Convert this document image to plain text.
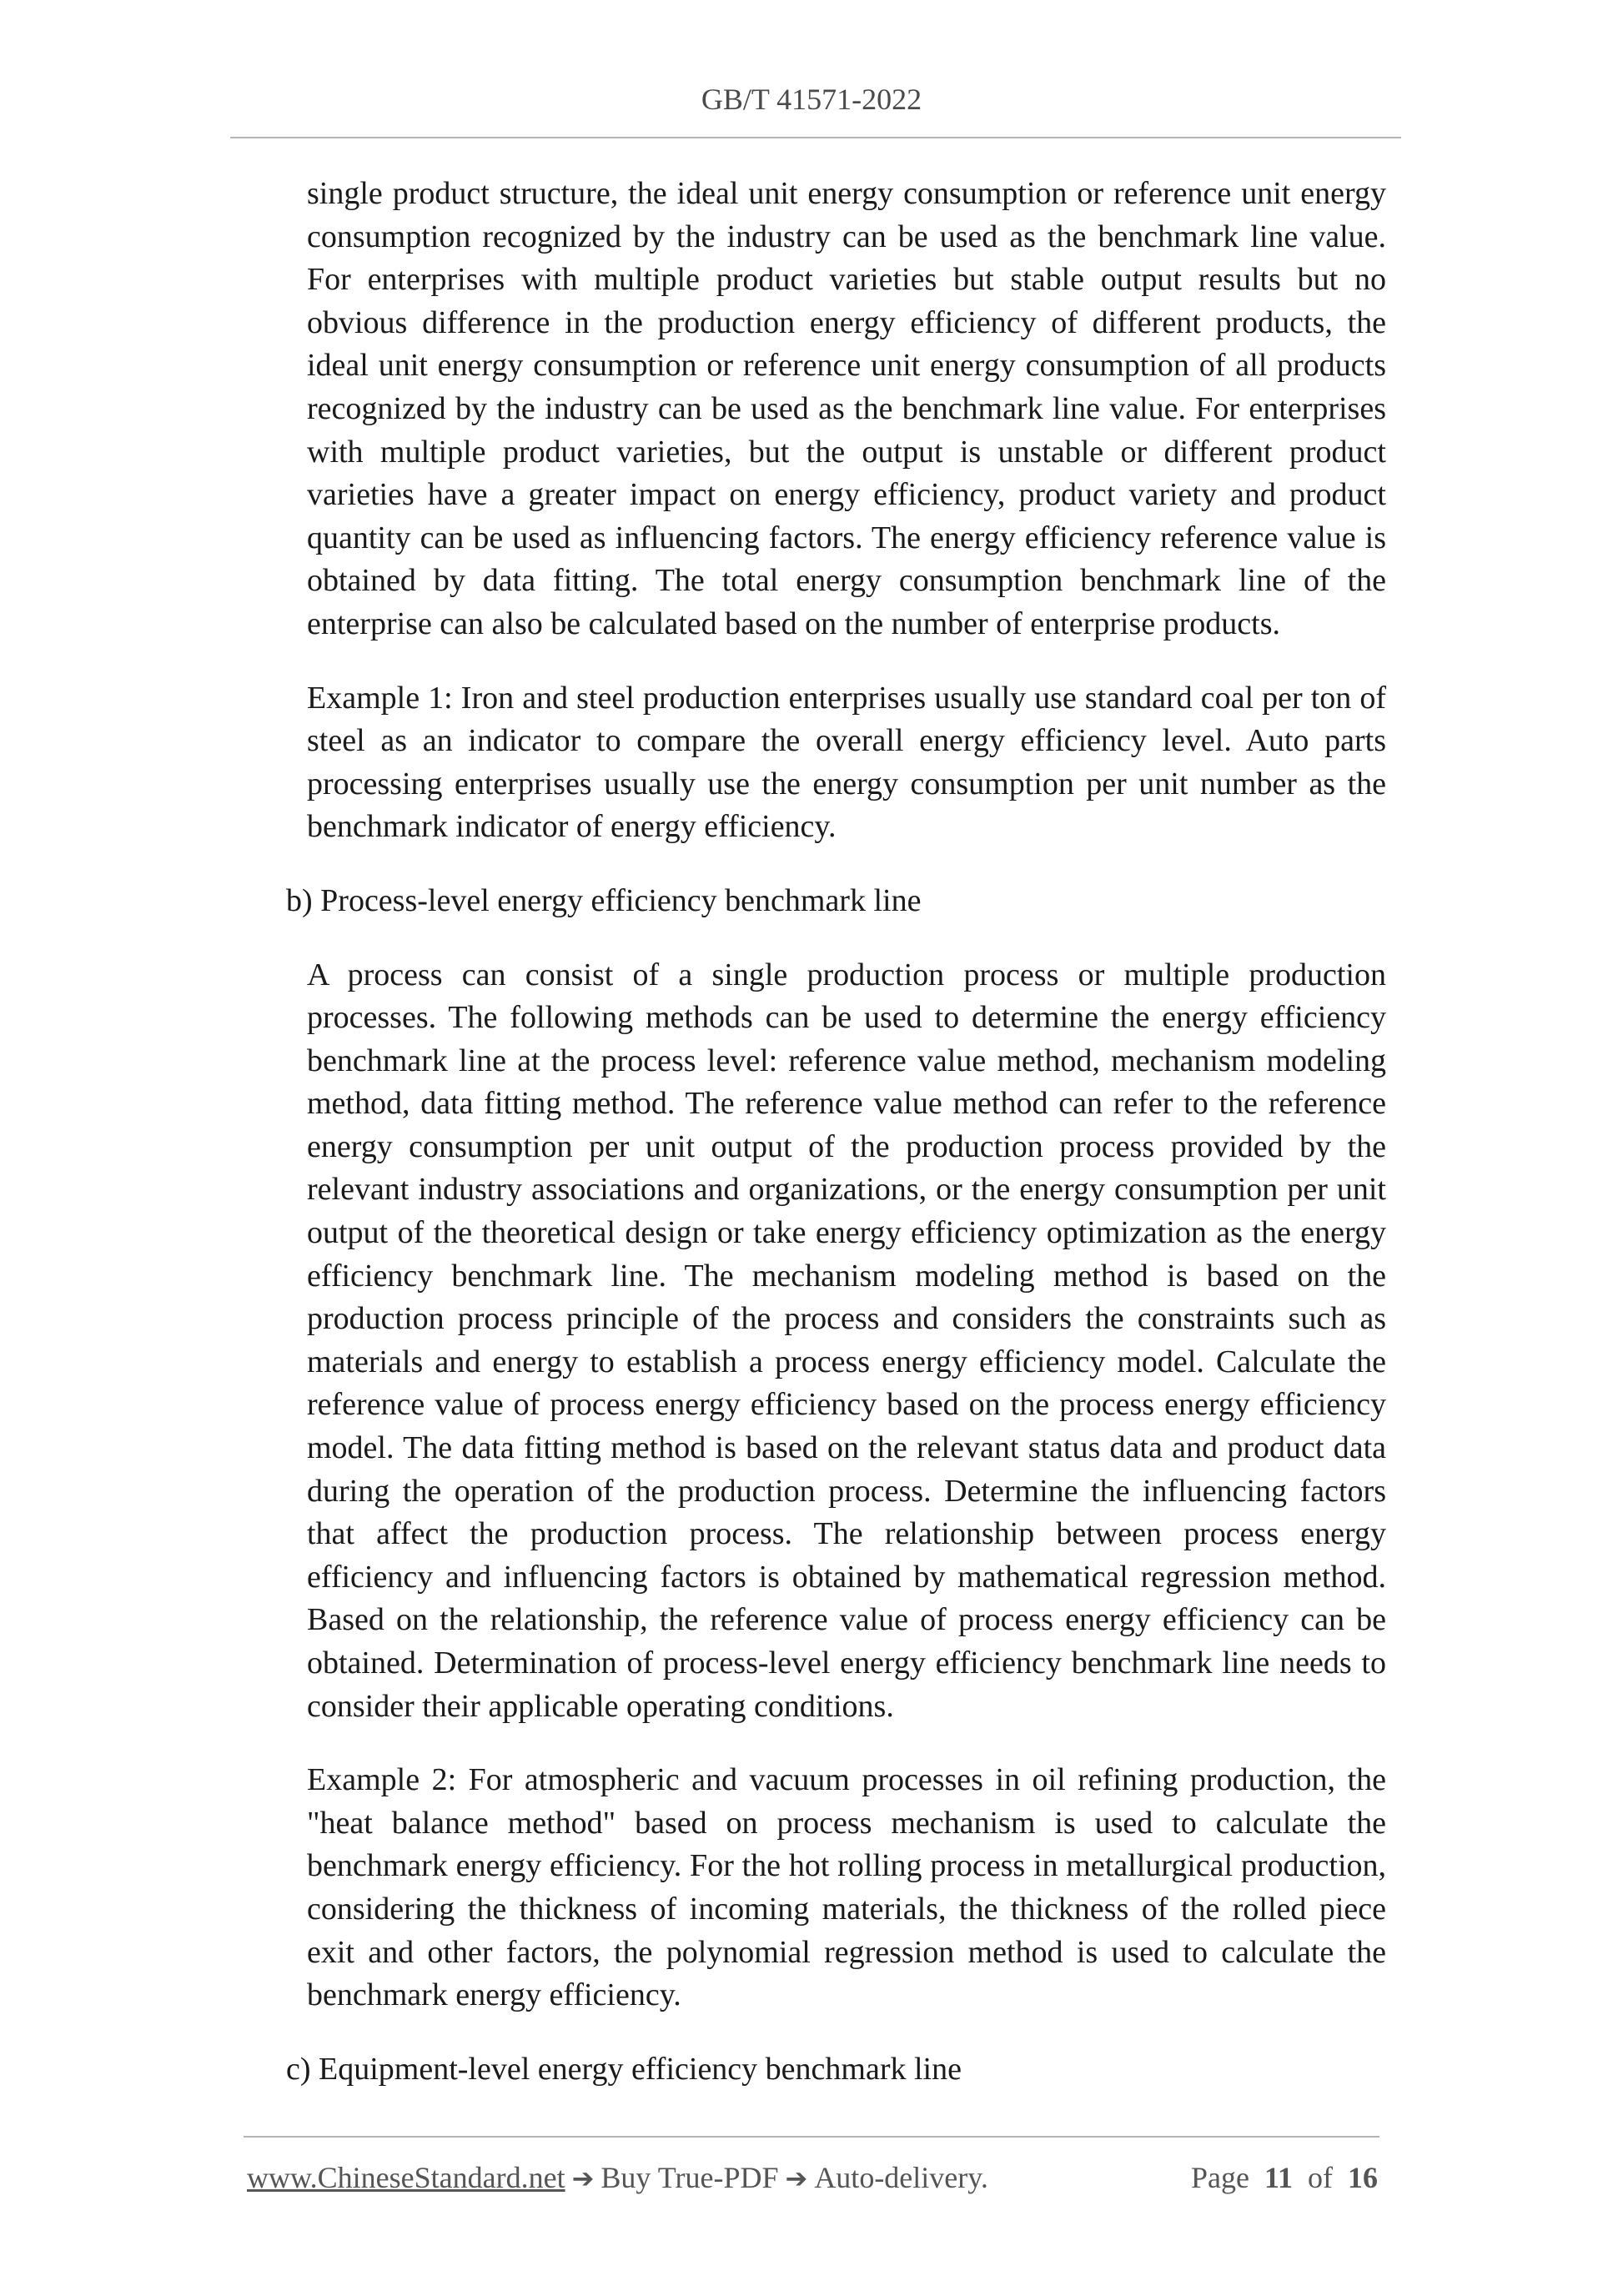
GB/T 41571-2022

single product structure, the ideal unit energy consumption or reference unit energy consumption recognized by the industry can be used as the benchmark line value. For enterprises with multiple product varieties but stable output results but no obvious difference in the production energy efficiency of different products, the ideal unit energy consumption or reference unit energy consumption of all products recognized by the industry can be used as the benchmark line value. For enterprises with multiple product varieties, but the output is unstable or different product varieties have a greater impact on energy efficiency, product variety and product quantity can be used as influencing factors. The energy efficiency reference value is obtained by data fitting. The total energy consumption benchmark line of the enterprise can also be calculated based on the number of enterprise products.

Example 1: Iron and steel production enterprises usually use standard coal per ton of steel as an indicator to compare the overall energy efficiency level. Auto parts processing enterprises usually use the energy consumption per unit number as the benchmark indicator of energy efficiency.

b) Process-level energy efficiency benchmark line

A process can consist of a single production process or multiple production processes. The following methods can be used to determine the energy efficiency benchmark line at the process level: reference value method, mechanism modeling method, data fitting method. The reference value method can refer to the reference energy consumption per unit output of the production process provided by the relevant industry associations and organizations, or the energy consumption per unit output of the theoretical design or take energy efficiency optimization as the energy efficiency benchmark line. The mechanism modeling method is based on the production process principle of the process and considers the constraints such as materials and energy to establish a process energy efficiency model. Calculate the reference value of process energy efficiency based on the process energy efficiency model. The data fitting method is based on the relevant status data and product data during the operation of the production process. Determine the influencing factors that affect the production process. The relationship between process energy efficiency and influencing factors is obtained by mathematical regression method. Based on the relationship, the reference value of process energy efficiency can be obtained. Determination of process-level energy efficiency benchmark line needs to consider their applicable operating conditions.

Example 2: For atmospheric and vacuum processes in oil refining production, the "heat balance method" based on process mechanism is used to calculate the benchmark energy efficiency. For the hot rolling process in metallurgical production, considering the thickness of incoming materials, the thickness of the rolled piece exit and other factors, the polynomial regression method is used to calculate the benchmark energy efficiency.

c) Equipment-level energy efficiency benchmark line
www.ChineseStandard.net ➔ Buy True-PDF ➔ Auto-delivery.	Page 11 of 16
